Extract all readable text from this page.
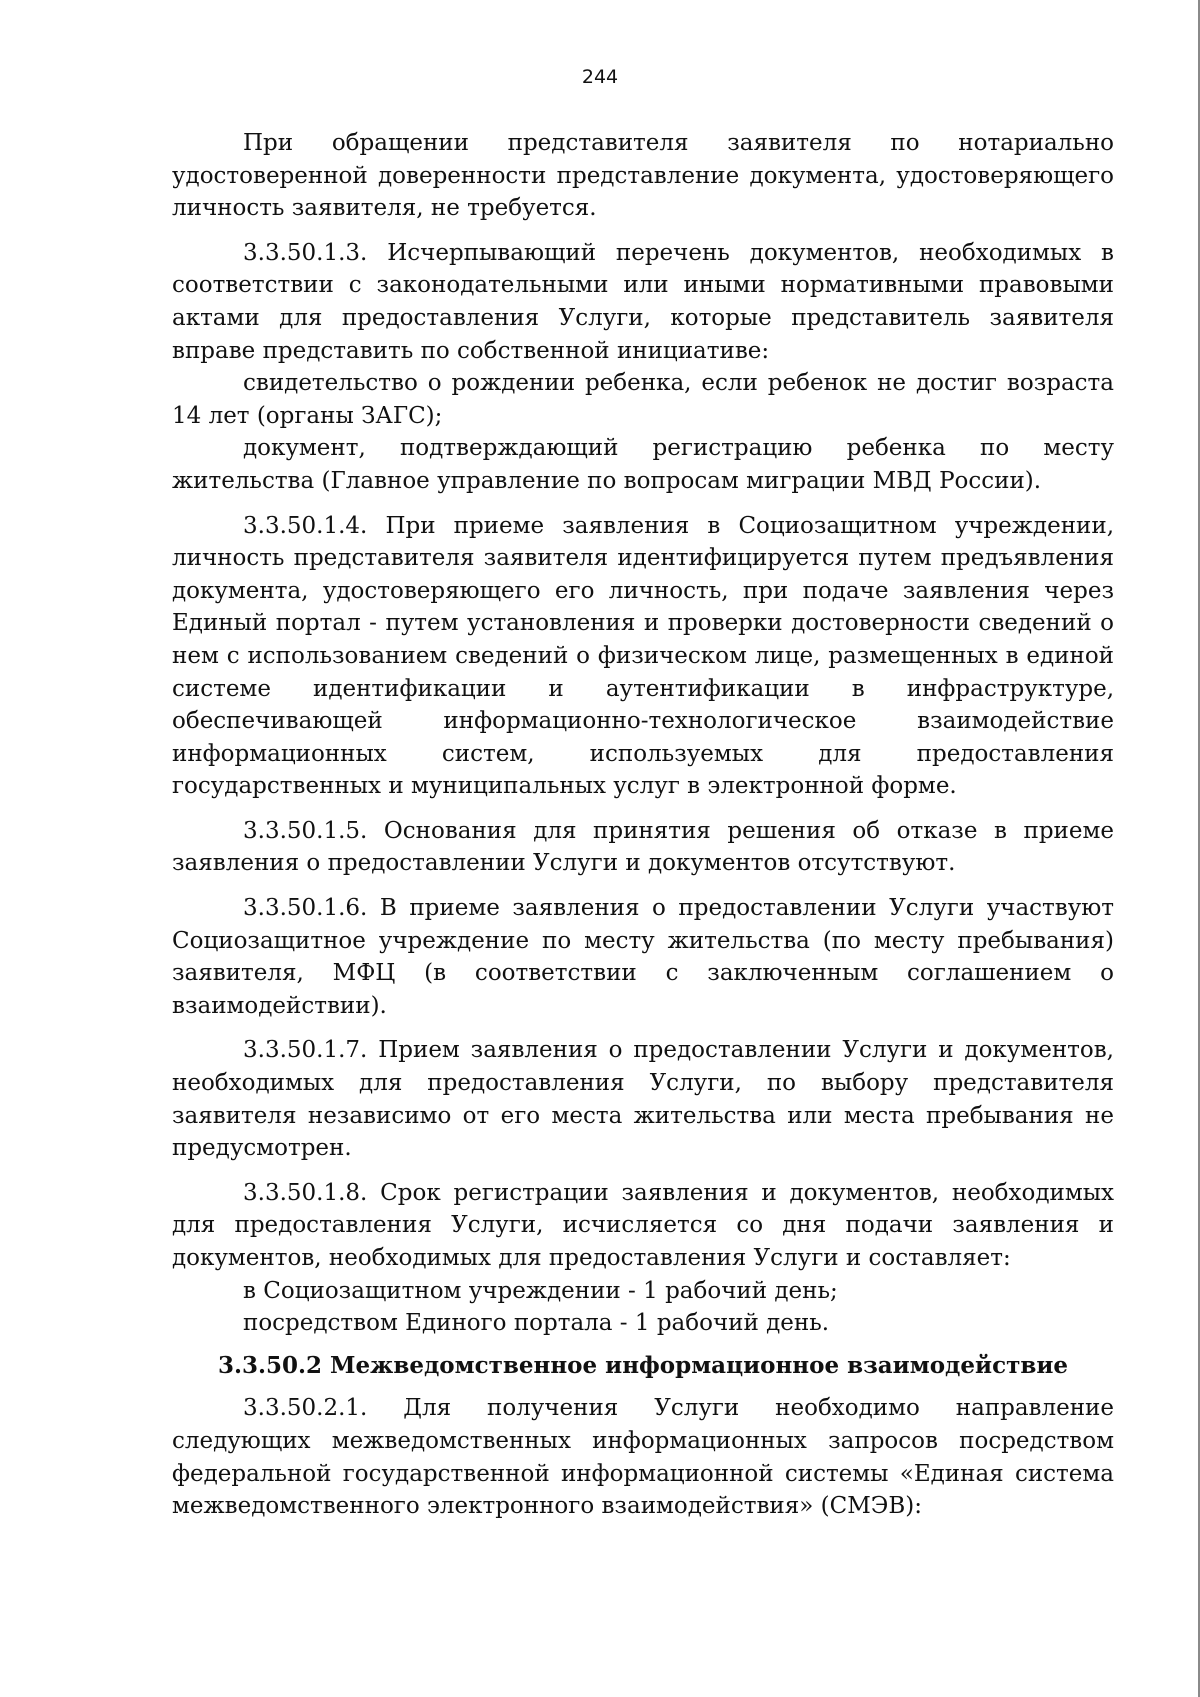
244

При обращении представителя заявителя по нотариально удостоверенной доверенности представление документа, удостоверяющего личность заявителя, не требуется.

3.3.50.1.3. Исчерпывающий перечень документов, необходимых в соответствии с законодательными или иными нормативными правовыми актами для предоставления Услуги, которые представитель заявителя вправе представить по собственной инициативе:

свидетельство о рождении ребенка, если ребенок не достиг возраста 14 лет (органы ЗАГС);

документ, подтверждающий регистрацию ребенка по месту жительства (Главное управление по вопросам миграции МВД России).

3.3.50.1.4. При приеме заявления в Социозащитном учреждении, личность представителя заявителя идентифицируется путем предъявления документа, удостоверяющего его личность, при подаче заявления через Единый портал - путем установления и проверки достоверности сведений о нем с использованием сведений о физическом лице, размещенных в единой системе идентификации и аутентификации в инфраструктуре, обеспечивающей информационно-технологическое взаимодействие информационных систем, используемых для предоставления государственных и муниципальных услуг в электронной форме.

3.3.50.1.5. Основания для принятия решения об отказе в приеме заявления о предоставлении Услуги и документов отсутствуют.

3.3.50.1.6. В приеме заявления о предоставлении Услуги участвуют Социозащитное учреждение по месту жительства (по месту пребывания) заявителя, МФЦ (в соответствии с заключенным соглашением о взаимодействии).

3.3.50.1.7. Прием заявления о предоставлении Услуги и документов, необходимых для предоставления Услуги, по выбору представителя заявителя независимо от его места жительства или места пребывания не предусмотрен.

3.3.50.1.8. Срок регистрации заявления и документов, необходимых для предоставления Услуги, исчисляется со дня подачи заявления и документов, необходимых для предоставления Услуги и составляет:

в Социозащитном учреждении - 1 рабочий день;

посредством Единого портала - 1 рабочий день.

3.3.50.2 Межведомственное информационное взаимодействие

3.3.50.2.1. Для получения Услуги необходимо направление следующих межведомственных информационных запросов посредством федеральной государственной информационной системы «Единая система межведомственного электронного взаимодействия» (СМЭВ):
